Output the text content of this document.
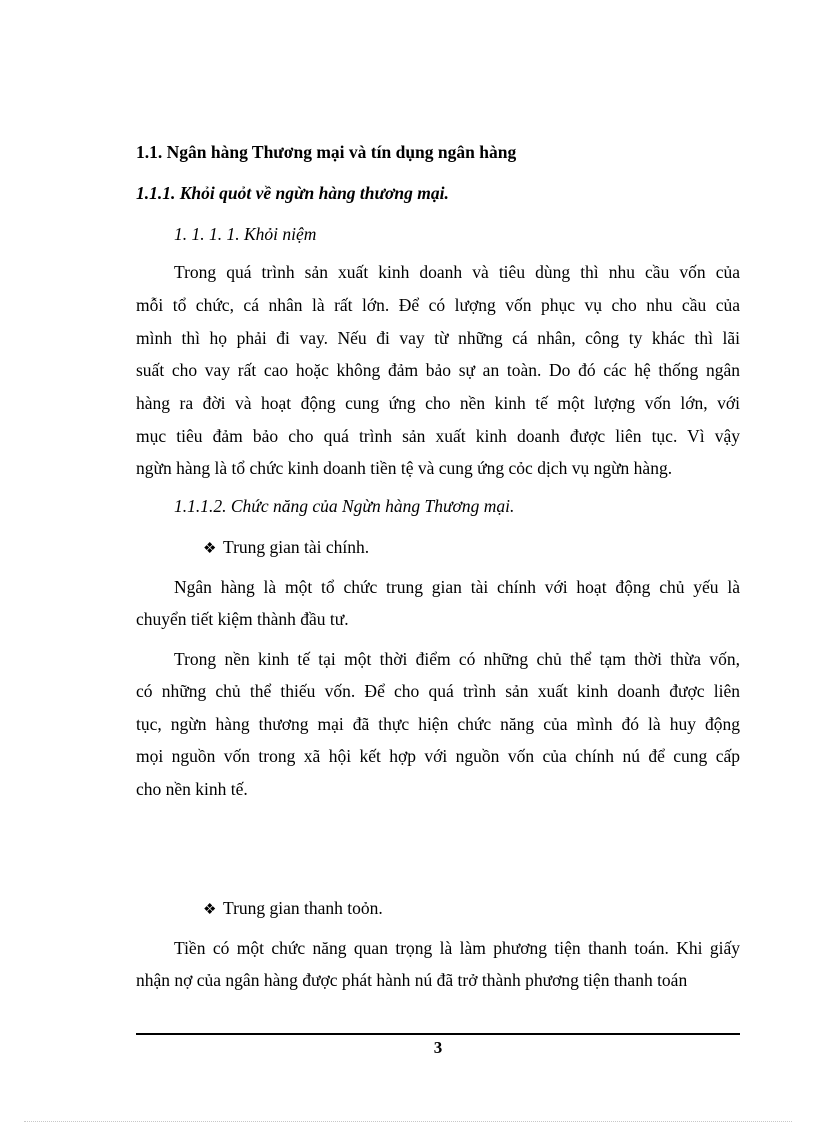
1.1. Ngân hàng Thương mại và tín dụng ngân hàng
1.1.1. Khỏi quỏt về ngừn hàng thương mại.
1. 1. 1. 1. Khỏi niệm
Trong quá trình sản xuất kinh doanh và tiêu dùng thì nhu cầu vốn của
mỗi tổ chức, cá nhân là rất lớn. Để có lượng vốn phục vụ cho nhu cầu của
mình thì họ phải đi vay. Nếu đi vay từ những cá nhân, công ty khác thì lãi
suất cho vay rất cao hoặc không đảm bảo sự an toàn. Do đó các hệ thống ngân
hàng ra đời và hoạt động cung ứng cho nền kinh tế một lượng vốn lớn, với
mục tiêu đảm bảo cho quá trình sản xuất kinh doanh được liên tục. Vì vậy
ngừn hàng là tổ chức kinh doanh tiền tệ và cung ứng cỏc dịch vụ ngừn hàng.
1.1.1.2. Chức năng của Ngừn hàng Thương mại.
❖ Trung gian tài chính.
Ngân hàng là một tổ chức trung gian tài chính với hoạt động chủ yếu là
chuyển tiết kiệm thành đầu tư.
Trong nền kinh tế tại một thời điểm có những chủ thể tạm thời thừa vốn,
có những chủ thể thiếu vốn. Để cho quá trình sản xuất kinh doanh được liên
tục, ngừn hàng thương mại đã thực hiện chức năng của mình đó là huy động
mọi nguồn vốn trong xã hội kết hợp với nguồn vốn của chính nú để cung cấp
cho nền kinh tế.
❖ Trung gian thanh toỏn.
Tiền có một chức năng quan trọng là làm phương tiện thanh toán. Khi giấy
nhận nợ của ngân hàng được phát hành nú đã trở thành phương tiện thanh toán
3
